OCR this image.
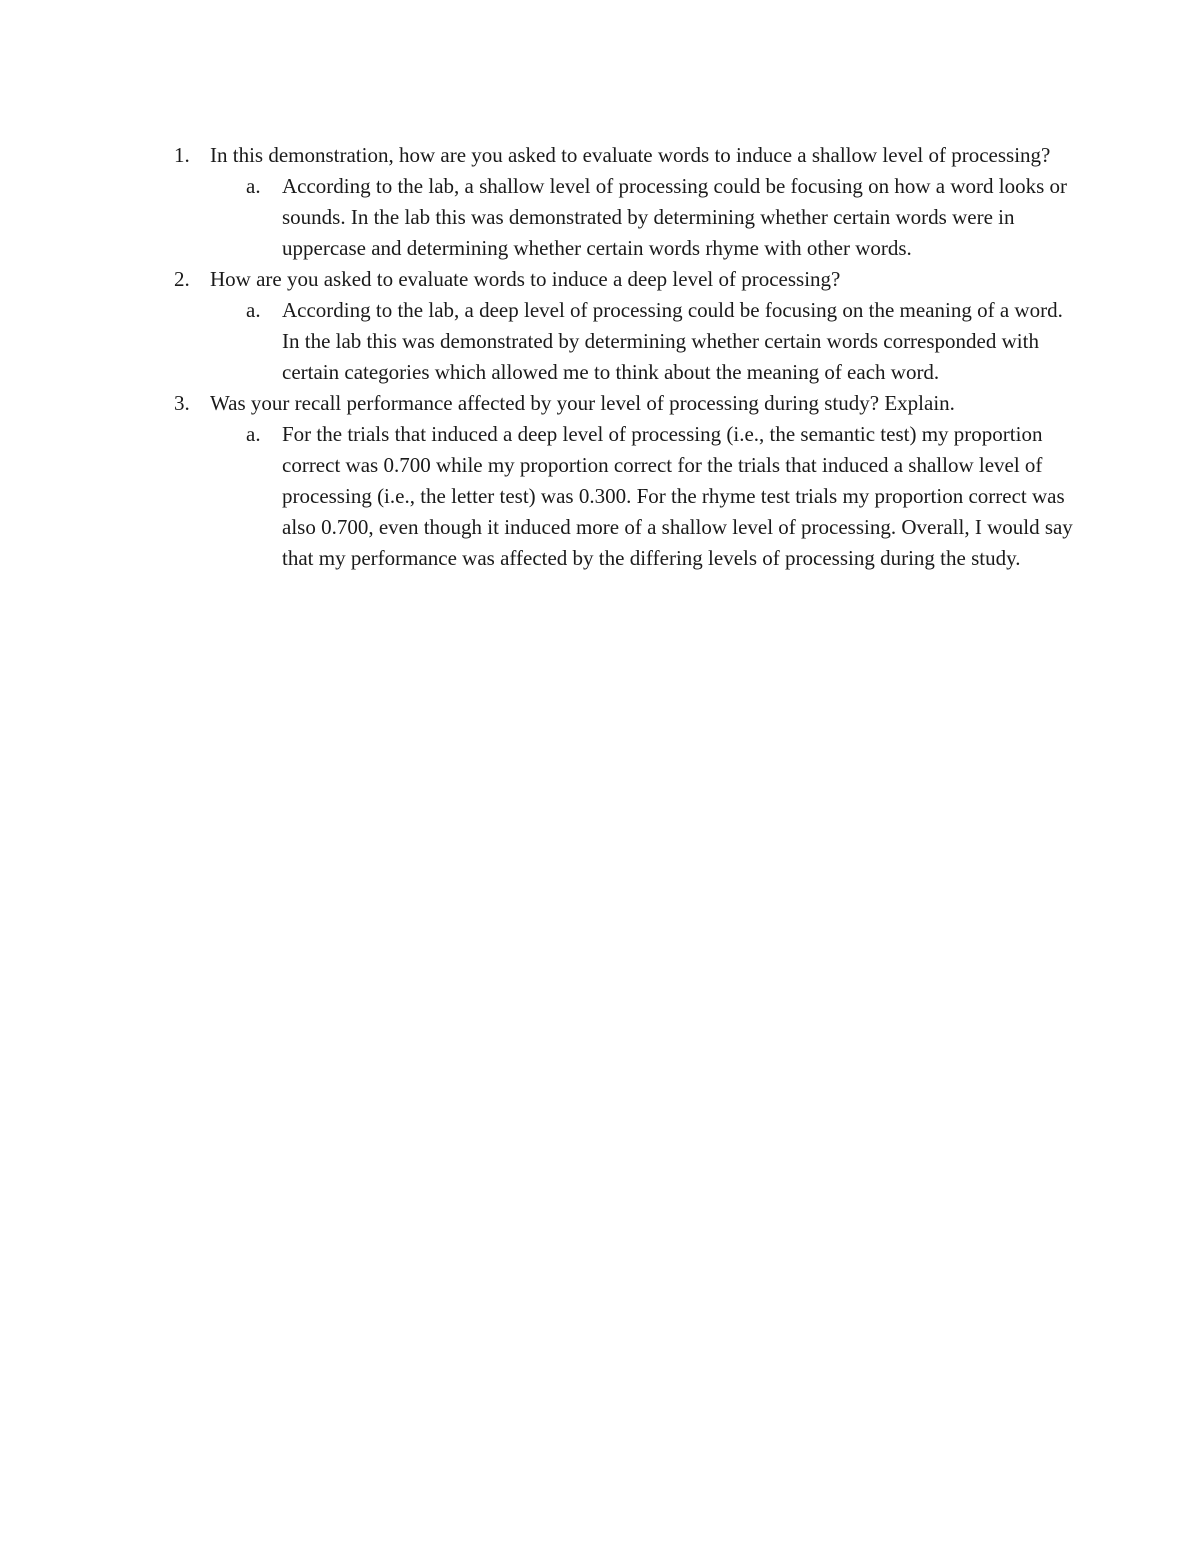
1. In this demonstration, how are you asked to evaluate words to induce a shallow level of processing?
a.	According to the lab, a shallow level of processing could be focusing on how a word looks or sounds. In the lab this was demonstrated by determining whether certain words were in uppercase and determining whether certain words rhyme with other words.
2. How are you asked to evaluate words to induce a deep level of processing?
a.	According to the lab, a deep level of processing could be focusing on the meaning of a word. In the lab this was demonstrated by determining whether certain words corresponded with certain categories which allowed me to think about the meaning of each word.
3. Was your recall performance affected by your level of processing during study? Explain.
a.	For the trials that induced a deep level of processing (i.e., the semantic test) my proportion correct was 0.700 while my proportion correct for the trials that induced a shallow level of processing (i.e., the letter test) was 0.300. For the rhyme test trials my proportion correct was also 0.700, even though it induced more of a shallow level of processing. Overall, I would say that my performance was affected by the differing levels of processing during the study.
